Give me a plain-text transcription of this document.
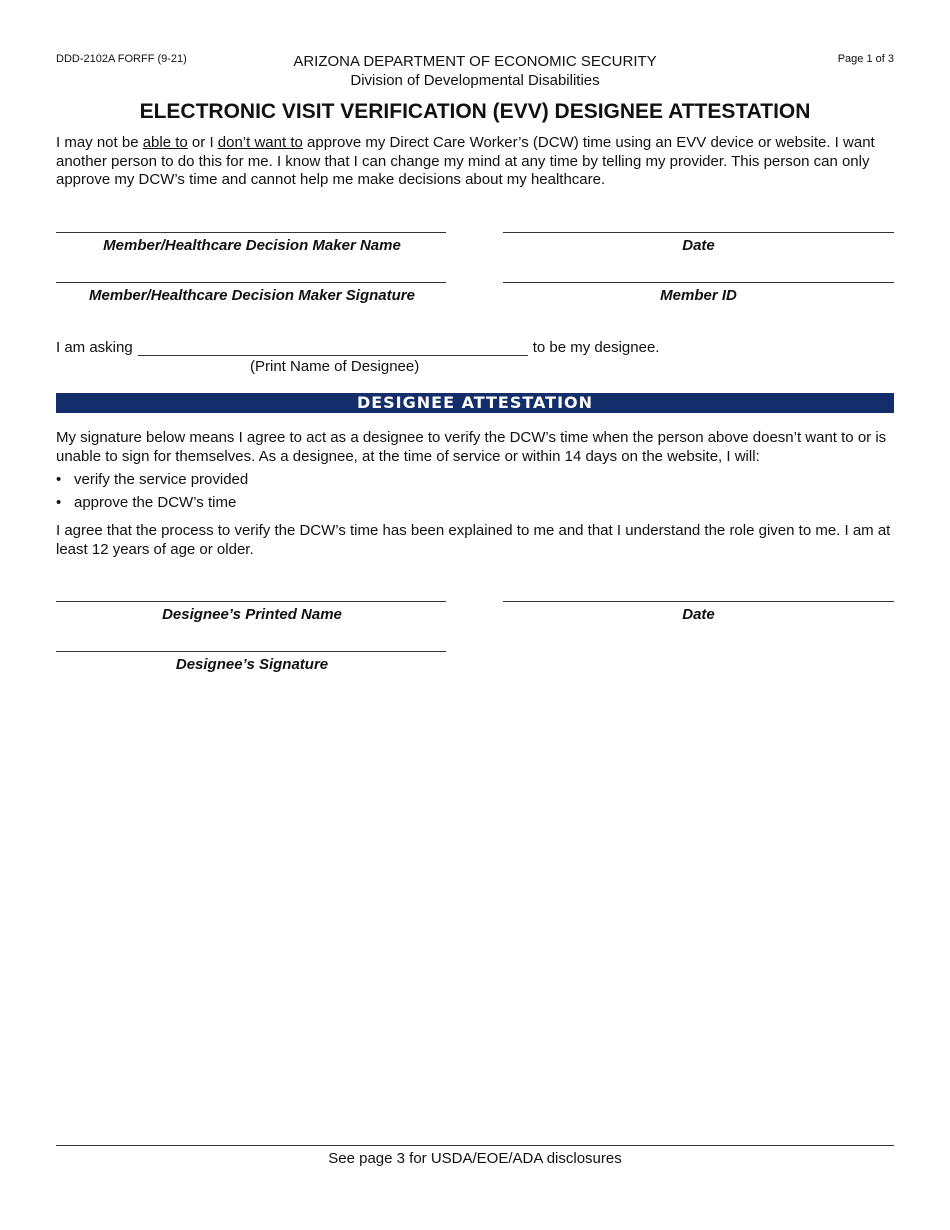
DDD-2102A FORFF (9-21)	ARIZONA DEPARTMENT OF ECONOMIC SECURITY	Page 1 of 3
Division of Developmental Disabilities
ELECTRONIC VISIT VERIFICATION (EVV) DESIGNEE ATTESTATION
I may not be able to or I don’t want to approve my Direct Care Worker’s (DCW) time using an EVV device or website. I want another person to do this for me. I know that I can change my mind at any time by telling my provider. This person can only approve my DCW’s time and cannot help me make decisions about my healthcare.
Member/Healthcare Decision Maker Name	Date
Member/Healthcare Decision Maker Signature	Member ID
I am asking	to be my designee.
(Print Name of Designee)
DESIGNEE ATTESTATION
My signature below means I agree to act as a designee to verify the DCW’s time when the person above doesn’t want to or is unable to sign for themselves. As a designee, at the time of service or within 14 days on the website, I will:
• verify the service provided
• approve the DCW’s time
I agree that the process to verify the DCW’s time has been explained to me and that I understand the role given to me. I am at least 12 years of age or older.
Designee’s Printed Name	Date
Designee’s Signature
See page 3 for USDA/EOE/ADA disclosures
